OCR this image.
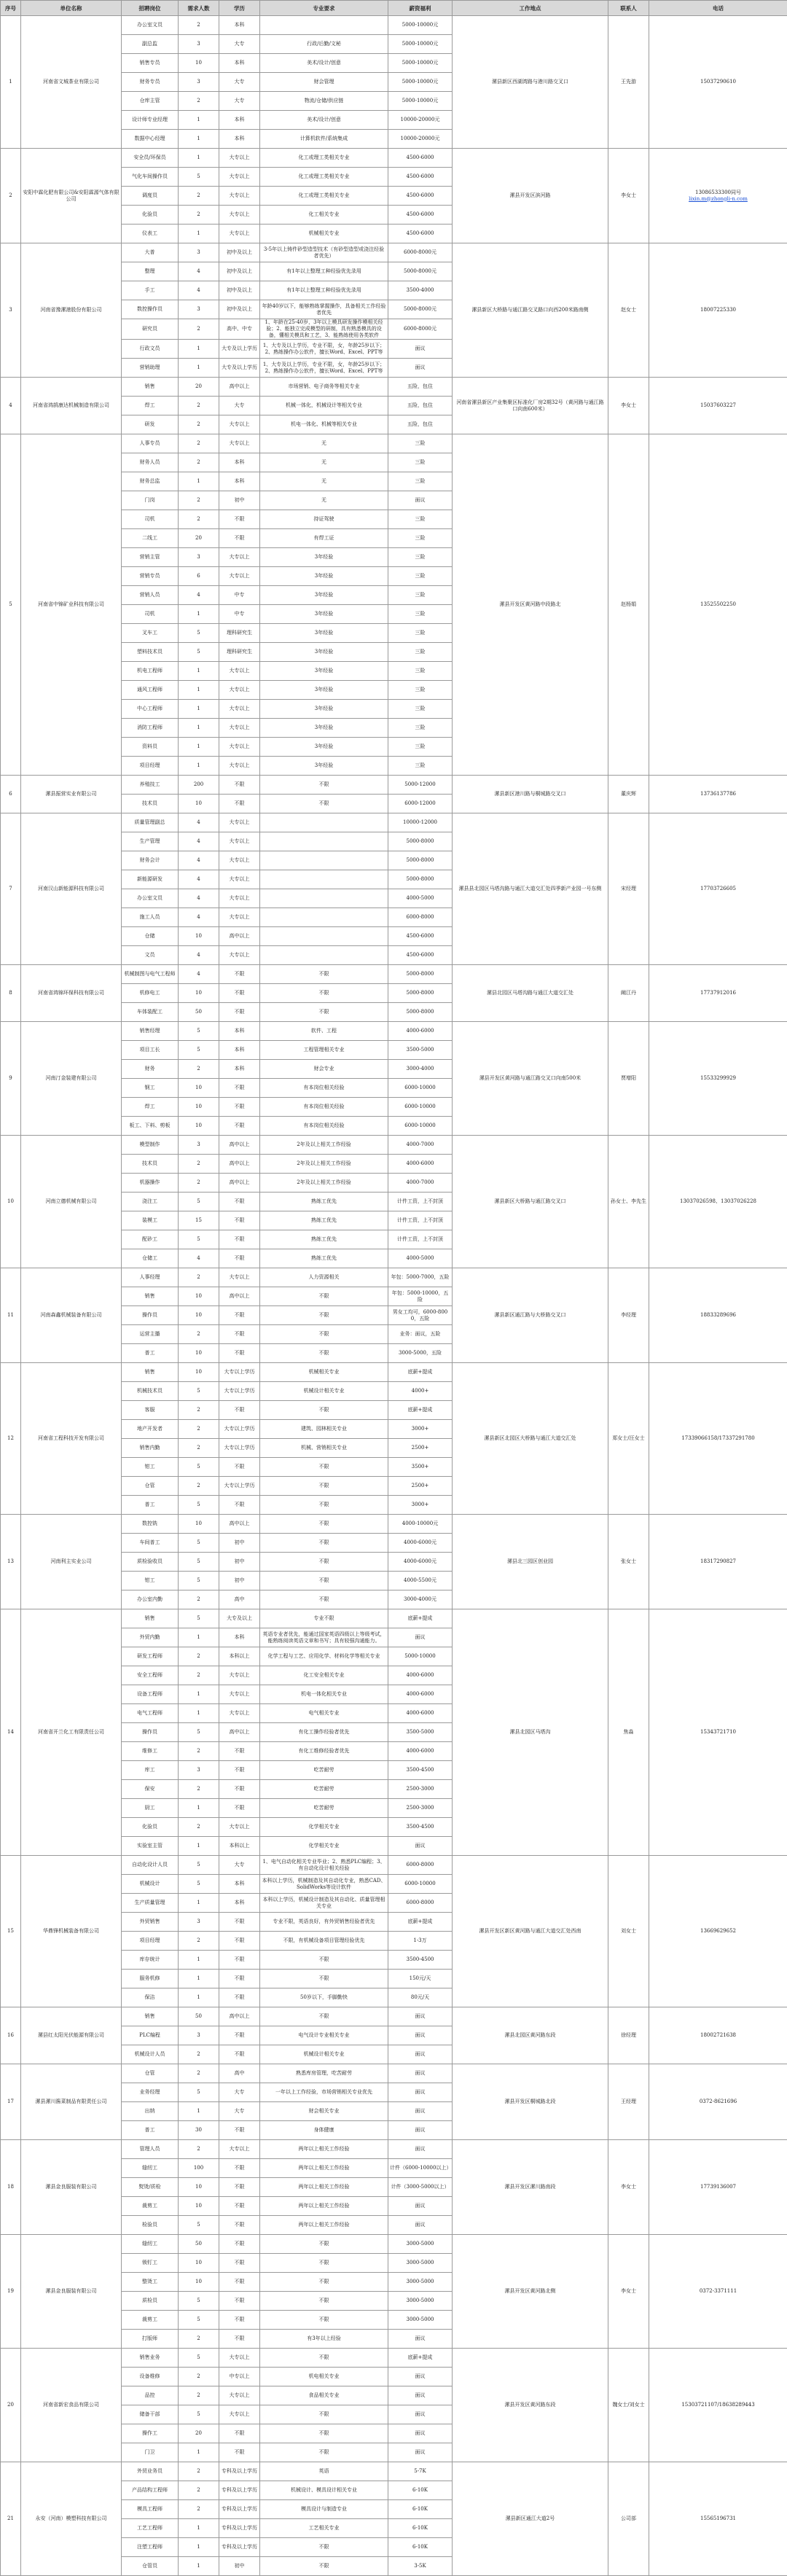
序号	单位名称	招聘岗位	需求人数	学历	专业要求	薪资福利	工作地点	联系人	电话
1	河南省文城茶业有限公司	办公室文员	2	本科		5000-10000元	漯县新区西湖湾路与港川路交叉口	王先游	15037290610
		副总监	3	大专	行政/后勤/文秘	5000-10000元			
		销售专员	10	本科	美术/设计/创意	5000-10000元			
		财务专员	3	大专	财会管理	5000-10000元			
		仓库主管	2	大专	物流/仓储/供应链	5000-10000元			
		设计师专业经理	1	本科	美术/设计/创意	10000-20000元			
		数据中心经理	1	本科	计算机软件/系统集成	10000-20000元			
2	安阳中霖化肥有限公司&安阳霖源气体有限公司	安全员/环保员	1	大专以上	化工或理工类相关专业	4500-6000	漯县开发区滨河路	李女士	13086533300同号
lixin.m@zhongli-n.com
		气化车间操作员	5	大专以上	化工或理工类相关专业	4500-6000			
		调度员	2	大专以上	化工或理工类相关专业	4500-6000			
		化验员	2	大专以上	化工相关专业	4500-6000			
		仪表工	1	大专以上	机械相关专业	4500-6000			
3	河南省豫漯港股份有限公司	大普	3	初中及以上	3-5年以上铸件砂型造型技术（有砂型造型或浇注经验者优先）	6000-8000元	漯县新区大桥路与通江路交叉路口向西200米路南侧	赵女士	18007225330
		整理	4	初中及以上	有1年以上整理工种经验优先录用	5000-8000元			
		手工	4	初中及以上	有1年以上整理工种经验优先录用	3500-4000			
		数控操作员	3	初中及以上	年龄40岁以下，能够熟练掌握操作，具备相关工作经验者优先	5000-8000元			
		研究员	2	高中、中专	1、年龄在25-40岁，3年以上模具研发操作模相关经验；2、能独立完成模型的研制，具有熟悉模具的设备，懂相关模具和工艺，3、能熟练使用各类软件	6000-8000元			
		行政文员	1	大专及以上学历	1、大专及以上学历，专业不限，女，年龄25岁以下；2、熟练操作办公软件，擅长Word、Excel、PPT等	面议			
		营销助理	1	大专及以上学历	1、大专及以上学历，专业不限，女，年龄25岁以下；2、熟练操作办公软件，擅长Word、Excel、PPT等	面议			
4	河南省鸿鹄康达机械制造有限公司	销售	20	高中以上	市场营销、电子商务等相关专业	五险，包住	河南省漯县新区产业集聚区标准化厂房2期32号（黄河路与通江路口向南600米）	李女士	15037603227
		焊工	2	大专	机械一体化，机械设计等相关专业	五险，包住			
		研发	2	大专以上	机电一体化、机械等相关专业	五险，包住			
5	河南省中锦矿业科技有限公司	人事专员	2	大专以上	无	三险	漯县开发区黄河路中段路北	赵杨娟	13525502250
		财务人员	2	本科	无	三险			
		财务总监	1	本科	无	三险			
		门岗	2	初中	无	面议			
		司机	2	不限	持证驾驶	三险			
		二线工	20	不限	有焊工证	三险			
		营销主管	3	大专以上	3年经验	三险			
		营销专员	6	大专以上	3年经验	三险			
		营销人员	4	中专	3年经验	三险			
		司机	1	中专	3年经验	三险			
		叉车工	5	理科研究生	3年经验	三险			
		塑料技术员	5	理科研究生	3年经验	三险			
		机电工程师	1	大专以上	3年经验	三险			
		通风工程师	1	大专以上	3年经验	三险			
		中心工程师	1	大专以上	3年经验	三险			
		消防工程师	1	大专以上	3年经验	三险			
		资料员	1	大专以上	3年经验	三险			
		项目经理	1	大专以上	3年经验	三险			
6	漯县振营实业有限公司	养殖技工	200	不限	不限	5000-12000	漯县新区港川路与桐城路交叉口	董庆辉	13736137786
		技术员	10	不限	不限	6000-12000			
7	河南汉山新能源科技有限公司	质量管理副总	4	大专以上		10000-12000	漯县县北园区马塔沟路与通江大道交汇处四季新产业园一号东侧	宋经理	17703726605
		生产管理	4	大专以上		5000-8000			
		财务会计	4	大专以上		5000-8000			
		新能源研发	4	大专以上		5000-8000			
		办公室文员	4	大专以上		4000-5000			
		施工人员	4	大专以上		6000-8000			
		仓储	10	高中以上		4500-6000			
		文员	4	大专以上		4500-6000			
8	河南省鸿锦环保科技有限公司	机械制图与电气工程师	4	不限	不限	5000-8000	漯县北园区马塔沟路与通江大道交汇处	阚江丹	17737912016
		机修电工	10	不限	不限	5000-8000			
		车体装配工	50	不限	不限	5000-8000			
9	河南汀金装建有限公司	销售经理	5	本科	软件、工程	4000-6000	漯县开发区黄河路与通江路交叉口向南500米	贾增阳	15533299929
		项目工长	5	本科	工程管理相关专业	3500-5000			
		财务	2	本科	财会专业	3000-4000			
		钢工	10	不限	有本岗位相关经验	6000-10000			
		焊工	10	不限	有本岗位相关经验	6000-10000			
		板工、下料、剪板	10	不限	有本岗位相关经验	6000-10000			
10	河南立德机械有限公司	模型制作	3	高中以上	2年及以上相关工作经验	4000-7000	漯县新区大桥路与通江路交叉口	孙女士、李先生	13037026598、13037026228
		技术员	2	高中以上	2年及以上相关工作经验	4000-6000			
		机器操作	2	高中以上	2年及以上相关工作经验	4000-7000			
		浇注工	5	不限	熟练工优先	计件工资，上不封顶			
		装模工	15	不限	熟练工优先	计件工资，上不封顶			
		配砂工	5	不限	熟练工优先	计件工资，上不封顶			
		仓储工	4	不限	熟练工优先	4000-5000			
11	河南森鑫机械装备有限公司	人事经理	2	大专以上	人力资源相关	年包：5000-7000，五险	漯县新区通江路与大桥路交叉口	李经理	18833289696
		销售	10	高中以上	不限	年包：5000-10000，五险			
		操作员	10	不限	不限	男女工均可，6000-8000，五险			
		运营主播	2	不限	不限	业务：面议，五险			
		普工	10	不限	不限	3000-5000，五险			
12	河南省工程科技开发有限公司	销售	10	大专以上学历	机械相关专业	底薪+提成	漯县新区北园区大桥路与通江大道交汇处	郑女士/汪女士	17339066158/17337291780
		机械技术员	5	大专以上学历	机械设计相关专业	4000+			
		客服	2	不限	不限	底薪+提成			
		地产开发者	2	大专以上学历	建筑、园林相关专业	3000+			
		销售内勤	2	大专以上学历	机械、营销相关专业	2500+			
		钳工	5	不限	不限	3500+			
		仓管	2	大专以上学历	不限	2500+			
		普工	5	不限	不限	3000+			
13	河南利主实业公司	数控铣	10	高中以上	不限	4000-10000元	漯县北三园区创业园	张女士	18317290827
		车间普工	5	初中	不限	4000-6000元			
		质检验收员	5	初中	不限	4000-6000元			
		钳工	5	初中	不限	4000-5500元			
		办公室内勤	2	高中	不限	3000-4000元			
14	河南省开兰化工有限责任公司	销售	5	大专及以上	专业不限	底薪+提成	漯县北园区马塔沟	焦淼	15343721710
		外贸内勤	1	本科	英语专业者优先，能通过国家英语四级以上等级考试，能熟练阅读英语文章和书写；具有较强沟通能力。	面议			
		研发工程师	2	本科以上	化学工程与工艺、应用化学、材料化学等相关专业	5000-10000			
		安全工程师	2	大专以上	化工安全相关专业	4000-6000			
		设备工程师	1	大专以上	机电一体化相关专业	4000-6000			
		电气工程师	1	大专以上	电气相关专业	4000-6000			
		操作员	5	高中以上	有化工操作经验者优先	3500-5000			
		维修工	2	不限	有化工维修经验者优先	4000-6000			
		库工	3	不限	吃苦耐劳	3500-4500			
		保安	2	不限	吃苦耐劳	2500-3000			
		厨工	1	不限	吃苦耐劳	2500-3000			
		化验员	2	大专以上	化学相关专业	3500-4500			
		实验室主管	1	本科以上	化学相关专业	面议			
15	华鼎锋机械装备有限公司	自动化设计人员	5	大专	1、电气自动化相关专业毕业；2、熟悉PLC编程；3、有自动化设计相关经验	6000-8000	漯县开发区新区黄河路与通江大道交汇处西南	刘女士	13669629652
		机械设计	5	本科	本科以上学历，机械制造及其自动化专业，熟悉CAD、SolidWorks等设计软件	6000-10000			
		生产质量管理	1	本科	本科以上学历，机械设计制造及其自动化、质量管理相关专业	6000-8000			
		外贸销售	3	不限	专业不限，英语良好，有外贸销售经验者优先	底薪+提成			
		项目经理	2	不限	不限，有机械设备项目管理经验优先	1-3万			
		库存统计	1	不限	不限	3500-4500			
		服务机修	1	不限	不限	150元/天			
		保洁	1	不限	50岁以下，手脚勤快	80元/天			
16	漯县红太阳光伏能源有限公司	销售	50	高中以上	不限	面议	漯县北园区黄河路东段	徐经理	18002721638
		PLC编程	3	不限	电气设计专业相关专业	面议			
		机械设计人员	2	不限	机械设计相关专业	面议			
17	漯县漯川酱菜制品有限责任公司	仓管	2	高中	熟悉库房管理，吃苦耐劳	面议	漯县开发区桐城路北段	王经理	0372-8621696
		业务经理	5	大专	一年以上工作经验，市场营销相关专业优先	面议			
		出纳	1	大专	财会相关专业	面议			
		普工	30	不限	身体健康	面议			
18	漯县金良服装有限公司	管理人员	2	大专以上	两年以上相关工作经验	面议	漯县开发区漯川路南段	李女士	17739136007
		缝纫工	100	不限	两年以上相关工作经验	计件（6000-10000以上）			
		熨烫/质检	10	不限	两年以上相关工作经验	计件（3000-5000以上）			
		裁剪工	10	不限	两年以上相关工作经验	面议			
		检验员	5	不限	两年以上相关工作经验	面议			
19	漯县金良服装有限公司	缝纫工	50	不限	不限	3000-5000	漯县开发区黄河路北侧	李女士	0372-3371111
		锁钉工	10	不限	不限	3000-5000			
		整烫工	10	不限	不限	3000-5000			
		质检员	5	不限	不限	3000-5000			
		裁剪工	5	不限	不限	3000-5000			
		打版师	2	不限	有3年以上经验	面议			
20	河南省新宏食品有限公司	销售业务	5	大专以上	不限	底薪+提成	漯县开发区黄河路东段	魏女士/刘女士	15303721107/18638289443
		设备维修	2	中专以上	机电相关专业	面议			
		品控	2	大专以上	食品相关专业	面议			
		储备干部	5	大专以上	不限	面议			
		操作工	20	不限	不限	面议			
		门卫	1	不限	不限	面议			
21	永安（河南）模塑科技有限公司	外贸业务员	2	专科及以上学历	英语	5-7K	漯县新区通江大道2号	公司部	15565196731
		产品结构工程师	2	专科及以上学历	机械设计、模具设计相关专业	6-10K			
		模具工程师	2	专科及以上学历	模具设计与制造专业	6-10K			
		工艺工程师	1	专科及以上学历	工艺相关专业	6-10K			
		注塑工程师	1	专科及以上学历	不限	6-10K			
		仓管员	1	初中	不限	3-5K			
